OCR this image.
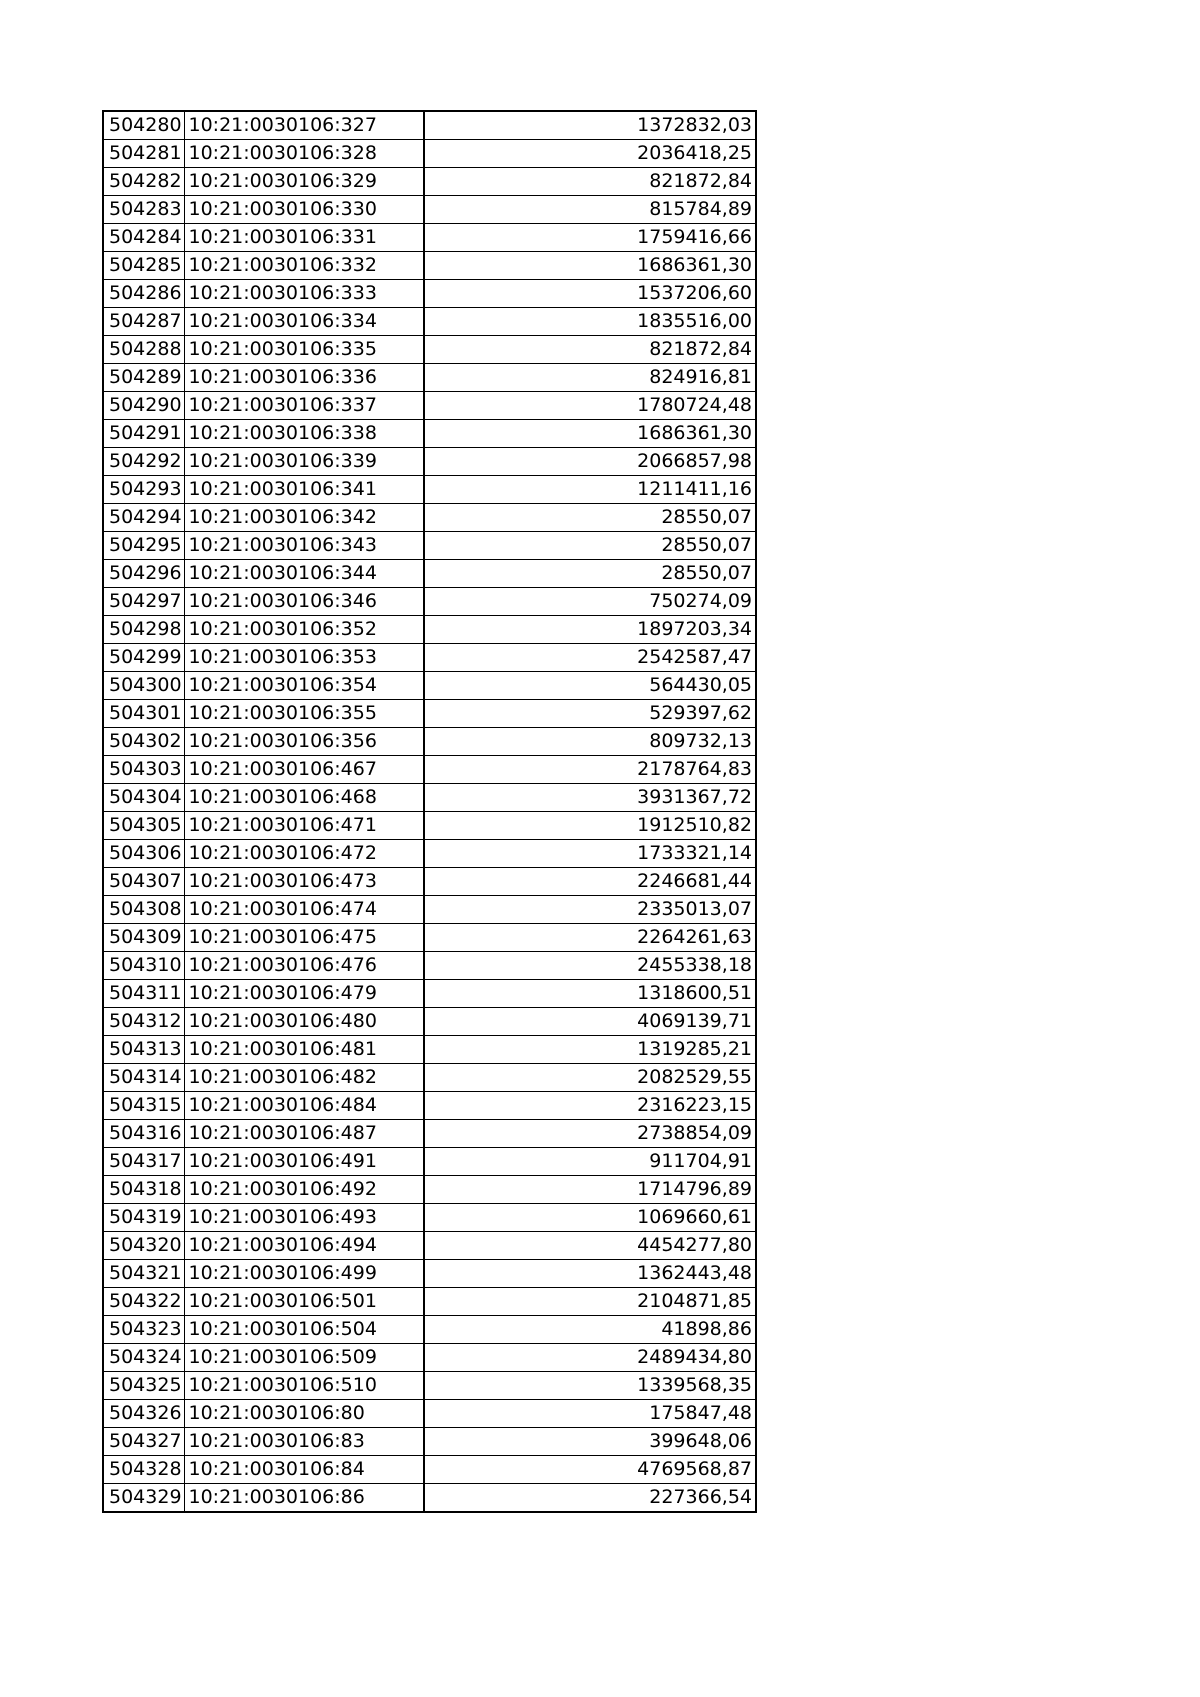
504280	10:21:0030106:327	1372832,03
504281	10:21:0030106:328	2036418,25
504282	10:21:0030106:329	821872,84
504283	10:21:0030106:330	815784,89
504284	10:21:0030106:331	1759416,66
504285	10:21:0030106:332	1686361,30
504286	10:21:0030106:333	1537206,60
504287	10:21:0030106:334	1835516,00
504288	10:21:0030106:335	821872,84
504289	10:21:0030106:336	824916,81
504290	10:21:0030106:337	1780724,48
504291	10:21:0030106:338	1686361,30
504292	10:21:0030106:339	2066857,98
504293	10:21:0030106:341	1211411,16
504294	10:21:0030106:342	28550,07
504295	10:21:0030106:343	28550,07
504296	10:21:0030106:344	28550,07
504297	10:21:0030106:346	750274,09
504298	10:21:0030106:352	1897203,34
504299	10:21:0030106:353	2542587,47
504300	10:21:0030106:354	564430,05
504301	10:21:0030106:355	529397,62
504302	10:21:0030106:356	809732,13
504303	10:21:0030106:467	2178764,83
504304	10:21:0030106:468	3931367,72
504305	10:21:0030106:471	1912510,82
504306	10:21:0030106:472	1733321,14
504307	10:21:0030106:473	2246681,44
504308	10:21:0030106:474	2335013,07
504309	10:21:0030106:475	2264261,63
504310	10:21:0030106:476	2455338,18
504311	10:21:0030106:479	1318600,51
504312	10:21:0030106:480	4069139,71
504313	10:21:0030106:481	1319285,21
504314	10:21:0030106:482	2082529,55
504315	10:21:0030106:484	2316223,15
504316	10:21:0030106:487	2738854,09
504317	10:21:0030106:491	911704,91
504318	10:21:0030106:492	1714796,89
504319	10:21:0030106:493	1069660,61
504320	10:21:0030106:494	4454277,80
504321	10:21:0030106:499	1362443,48
504322	10:21:0030106:501	2104871,85
504323	10:21:0030106:504	41898,86
504324	10:21:0030106:509	2489434,80
504325	10:21:0030106:510	1339568,35
504326	10:21:0030106:80	175847,48
504327	10:21:0030106:83	399648,06
504328	10:21:0030106:84	4769568,87
504329	10:21:0030106:86	227366,54
